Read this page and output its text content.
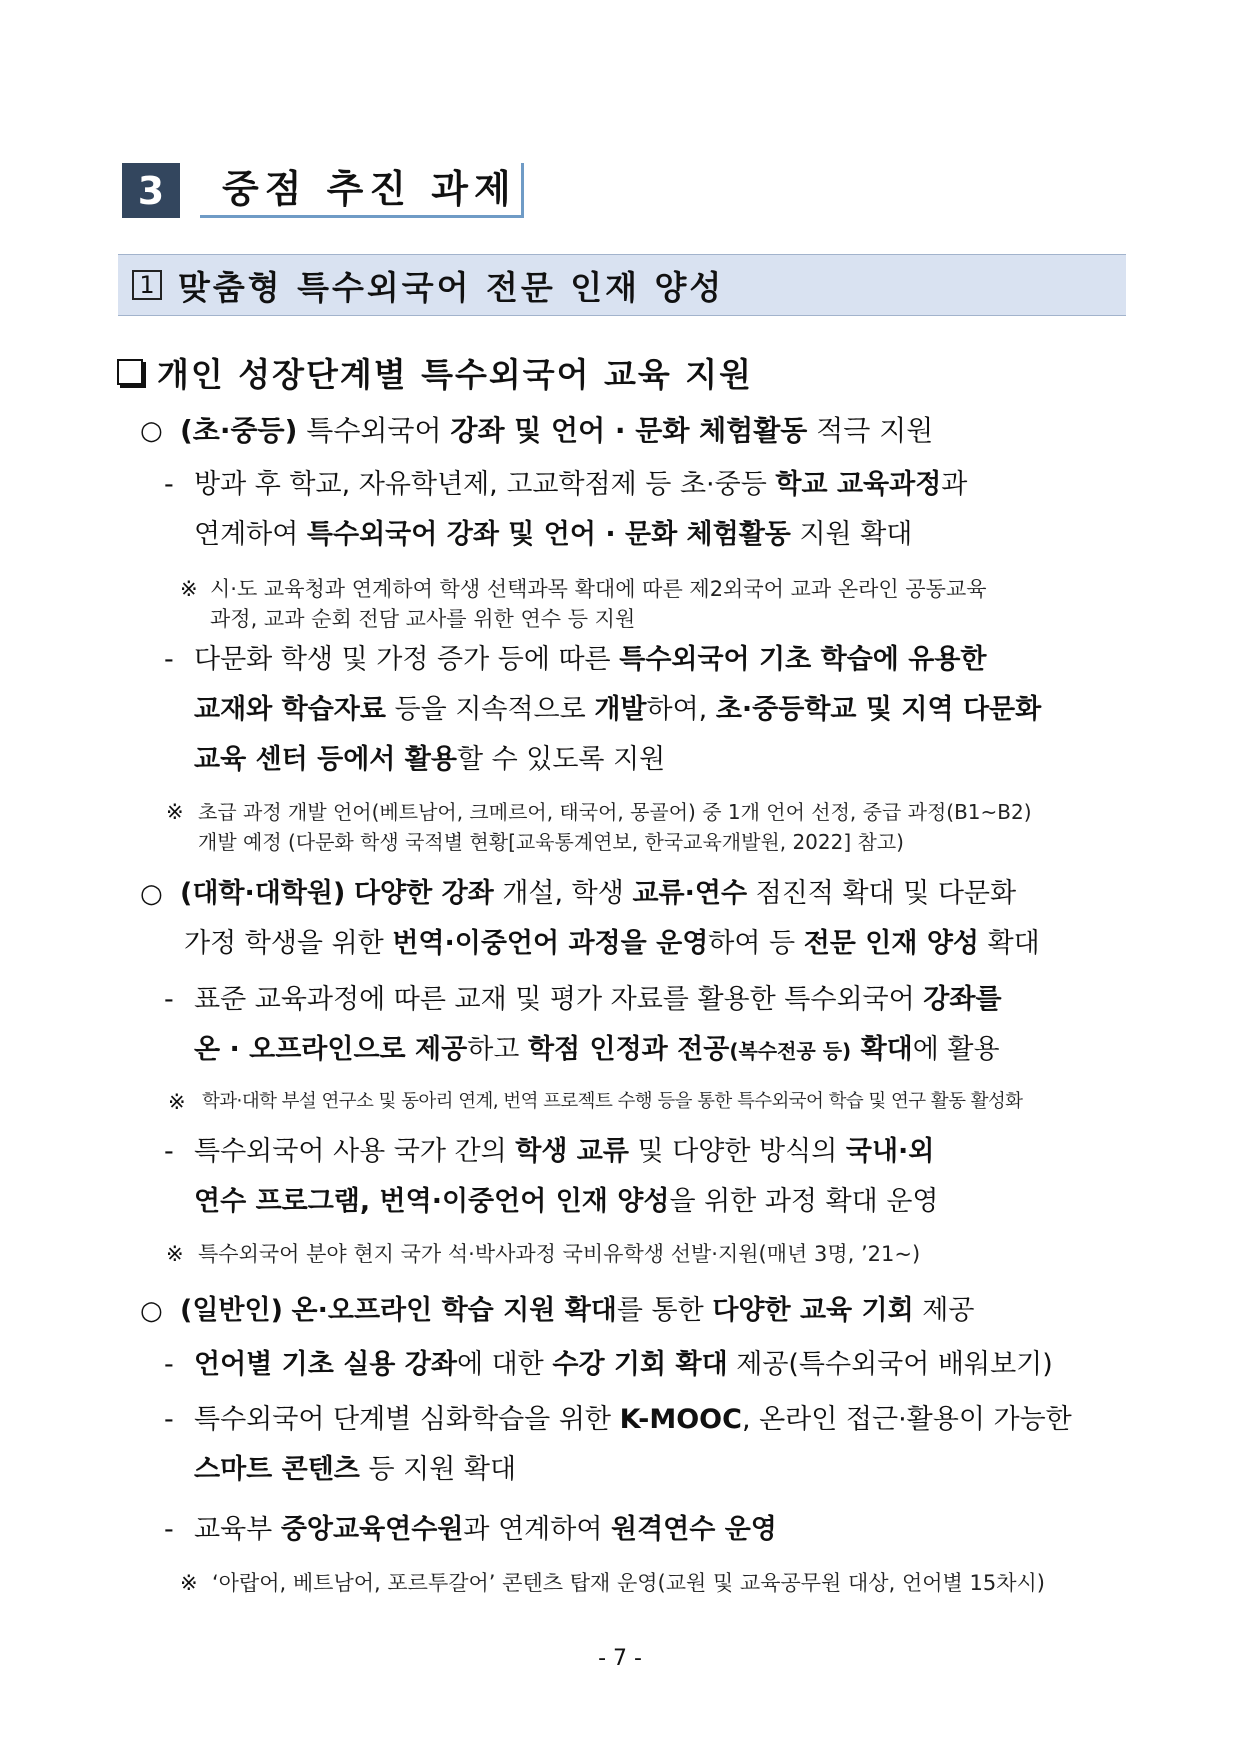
3	중점 추진 과제
1 맞춤형 특수외국어 전문 인재 양성
개인 성장단계별 특수외국어 교육 지원
○ (초·중등) 특수외국어 강좌 및 언어 · 문화 체험활동 적극 지원
- 방과 후 학교, 자유학년제, 고교학점제 등 초·중등 학교 교육과정과
연계하여 특수외국어 강좌 및 언어 · 문화 체험활동 지원 확대
※ 시·도 교육청과 연계하여 학생 선택과목 확대에 따른 제2외국어 교과 온라인 공동교육
과정, 교과 순회 전담 교사를 위한 연수 등 지원
- 다문화 학생 및 가정 증가 등에 따른 특수외국어 기초 학습에 유용한
교재와 학습자료 등을 지속적으로 개발하여, 초·중등학교 및 지역 다문화
교육 센터 등에서 활용할 수 있도록 지원
※ 초급 과정 개발 언어(베트남어, 크메르어, 태국어, 몽골어) 중 1개 언어 선정, 중급 과정(B1~B2)
개발 예정 (다문화 학생 국적별 현황[교육통계연보, 한국교육개발원, 2022] 참고)
○ (대학·대학원) 다양한 강좌 개설, 학생 교류·연수 점진적 확대 및 다문화
가정 학생을 위한 번역·이중언어 과정을 운영하여 등 전문 인재 양성 확대
- 표준 교육과정에 따른 교재 및 평가 자료를 활용한 특수외국어 강좌를
온 · 오프라인으로 제공하고 학점 인정과 전공(복수전공 등) 확대에 활용
※ 학과·대학 부설 연구소 및 동아리 연계, 번역 프로젝트 수행 등을 통한 특수외국어 학습 및 연구 활동 활성화
- 특수외국어 사용 국가 간의 학생 교류 및 다양한 방식의 국내·외
연수 프로그램, 번역·이중언어 인재 양성을 위한 과정 확대 운영
※ 특수외국어 분야 현지 국가 석·박사과정 국비유학생 선발·지원(매년 3명, ’21~)
○ (일반인) 온·오프라인 학습 지원 확대를 통한 다양한 교육 기회 제공
- 언어별 기초 실용 강좌에 대한 수강 기회 확대 제공(특수외국어 배워보기)
- 특수외국어 단계별 심화학습을 위한 K-MOOC, 온라인 접근·활용이 가능한
스마트 콘텐츠 등 지원 확대
- 교육부 중앙교육연수원과 연계하여 원격연수 운영
※ ‘아랍어, 베트남어, 포르투갈어’ 콘텐츠 탑재 운영(교원 및 교육공무원 대상, 언어별 15차시)
- 7 -
